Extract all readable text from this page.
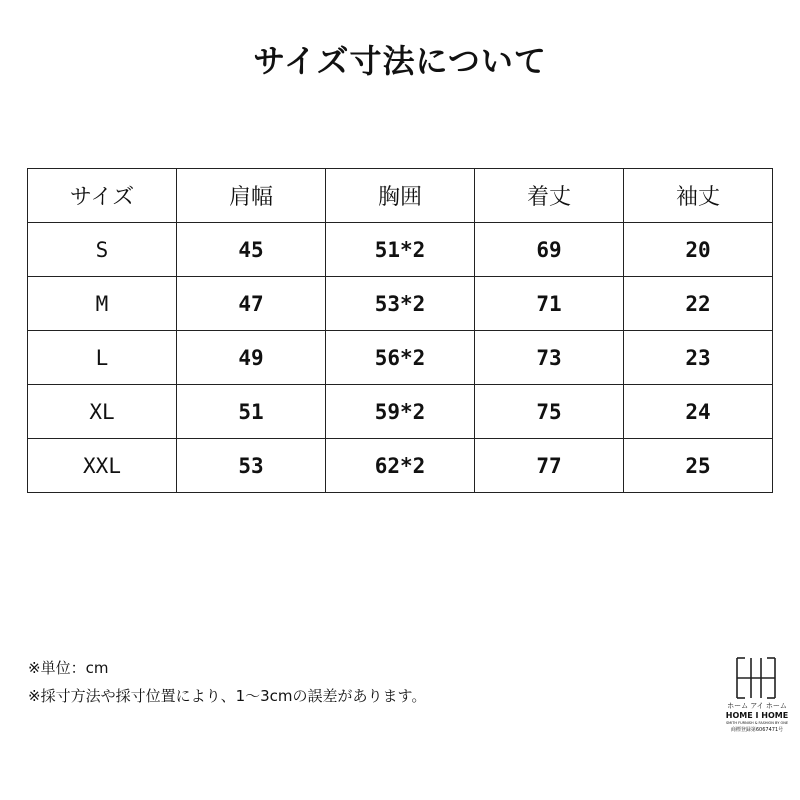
サイズ寸法について
サイズ	肩幅	胸囲	着丈	袖丈
S	45	51*2	69	20
M	47	53*2	71	22
L	49	56*2	73	23
XL	51	59*2	75	24
XXL	53	62*2	77	25
※単位：cm
※採寸方法や採寸位置により、1～3cmの誤差があります。
ホーム アイ ホーム
HOME I HOME
SMITH FURNISH & FASHION BY ONE
商標登録第6067471号
